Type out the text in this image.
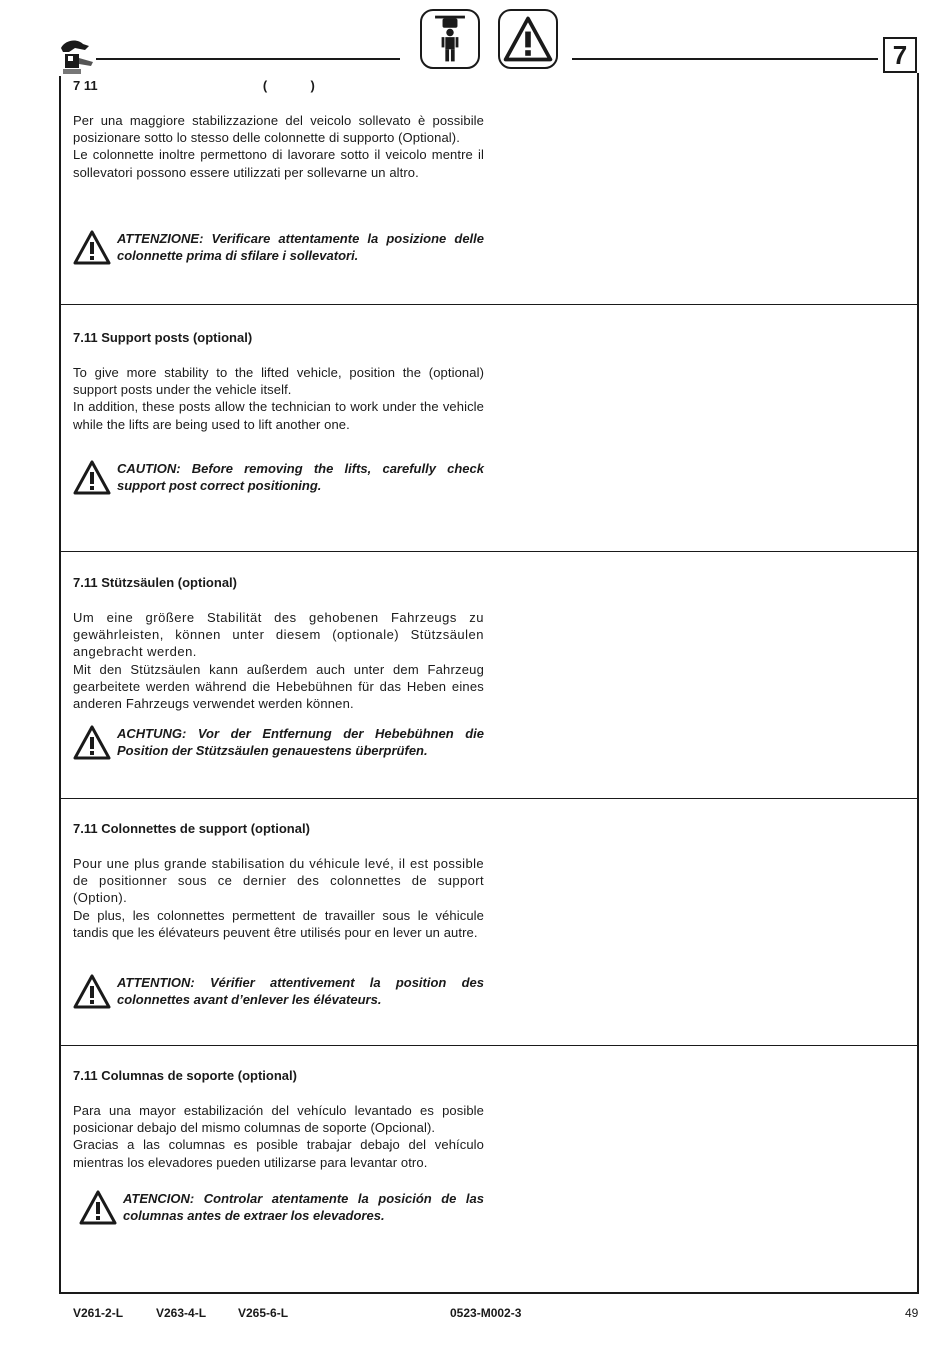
7

7 11	(            )

Per una maggiore stabilizzazione del veicolo sollevato è possibile posizionare sotto lo stesso delle colonnette di supporto (Optional).

Le colonnette inoltre permettono di lavorare sotto il veicolo mentre il sollevatori possono essere utilizzati per sollevarne un altro.

ATTENZIONE: Verificare attentamente la posizione delle colonnette prima di sfilare i sollevatori.

7.11 Support posts (optional)

To give more stability to the lifted vehicle, position the (optional) support posts under the vehicle itself.

In addition, these posts allow the technician to work under the vehicle while the lifts are being used to lift another one.

CAUTION: Before removing the lifts, carefully check support post correct positioning.

7.11 Stützsäulen (optional)

Um eine größere Stabilität des gehobenen Fahrzeugs zu gewährleisten, können unter diesem (optionale) Stützsäulen angebracht werden.

Mit den Stützsäulen kann außerdem auch unter dem Fahrzeug gearbeitete werden während die Hebebühnen für das Heben eines anderen Fahrzeugs verwendet werden können.

ACHTUNG: Vor der Entfernung der Hebebühnen die Position der Stützsäulen genauestens überprüfen.

7.11 Colonnettes de support (optional)

Pour une plus grande stabilisation du véhicule levé, il est possible de positionner sous ce dernier des colonnettes de support (Option).

De plus, les colonnettes permettent de travailler sous le véhicule tandis que les élévateurs peuvent être utilisés pour en lever un autre.

ATTENTION: Vérifier attentivement la position des colonnettes avant d’enlever les élévateurs.

7.11 Columnas de soporte (optional)

Para una mayor estabilización del vehículo levantado es posible posicionar debajo del mismo columnas de soporte (Opcional).

Gracias a las columnas es posible trabajar debajo del vehículo mientras los elevadores pueden utilizarse para levantar otro.

ATENCION: Controlar atentamente la posición de las columnas antes de extraer los elevadores.

V261-2-L	V263-4-L	V265-6-L	0523-M002-3	49
